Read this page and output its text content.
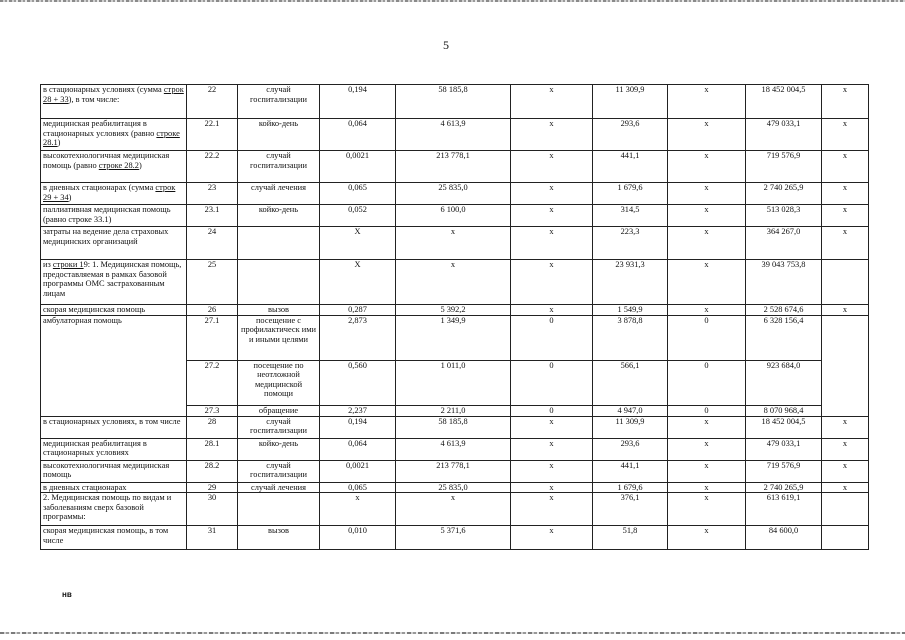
5
в стационарных условиях (сумма строк 28 + 33), в том числе:	22	случай госпитализации	0,194	58 185,8	х	11 309,9	х	18 452 004,5	х
медицинская реабилитация в стационарных условиях (равно строке 28.1)	22.1	койко-день	0,064	4 613,9	х	293,6	х	479 033,1	х
высокотехнологичная медицинская помощь (равно строке 28.2)	22.2	случай госпитализации	0,0021	213 778,1	х	441,1	х	719 576,9	х
в дневных стационарах (сумма строк 29 + 34)	23	случай лечения	0,065	25 835,0	х	1 679,6	х	2 740 265,9	х
паллиативная медицинская помощь (равно строке 33.1)	23.1	койко-день	0,052	6 100,0	х	314,5	х	513 028,3	х
затраты на ведение дела страховых медицинских организаций	24		Х	х	х	223,3	х	364 267,0	х
из строки 19: 1. Медицинская помощь, предоставляемая в рамках базовой программы ОМС застрахованным лицам	25		Х	х	х	23 931,3	х	39 043 753,8	
скорая медицинская помощь	26	вызов	0,287	5 392,2	х	1 549,9	х	2 528 674,6	х
амбулаторная помощь	27.1	посещение с профилактическ ими и иными целями	2,873	1 349,9	0	3 878,8	0	6 328 156,4	
	27.2	посещение по неотложной медицинской помощи	0,560	1 011,0	0	566,1	0	923 684,0	
	27.3	обращение	2,237	2 211,0	0	4 947,0	0	8 070 968,4	
в стационарных условиях, в том числе	28	случай госпитализации	0,194	58 185,8	х	11 309,9	х	18 452 004,5	х
медицинская реабилитация в стационарных условиях	28.1	койко-день	0,064	4 613,9	х	293,6	х	479 033,1	х
высокотехнологичная медицинская помощь	28.2	случай госпитализации	0,0021	213 778,1	х	441,1	х	719 576,9	х
в дневных стационарах	29	случай лечения	0,065	25 835,0	х	1 679,6	х	2 740 265,9	х
2. Медицинская помощь по видам и заболеваниям сверх базовой программы:	30		х	х	х	376,1	х	613 619,1	
скорая медицинская помощь, в том числе	31	вызов	0,010	5 371,6	х	51,8	х	84 600,0	
нв
